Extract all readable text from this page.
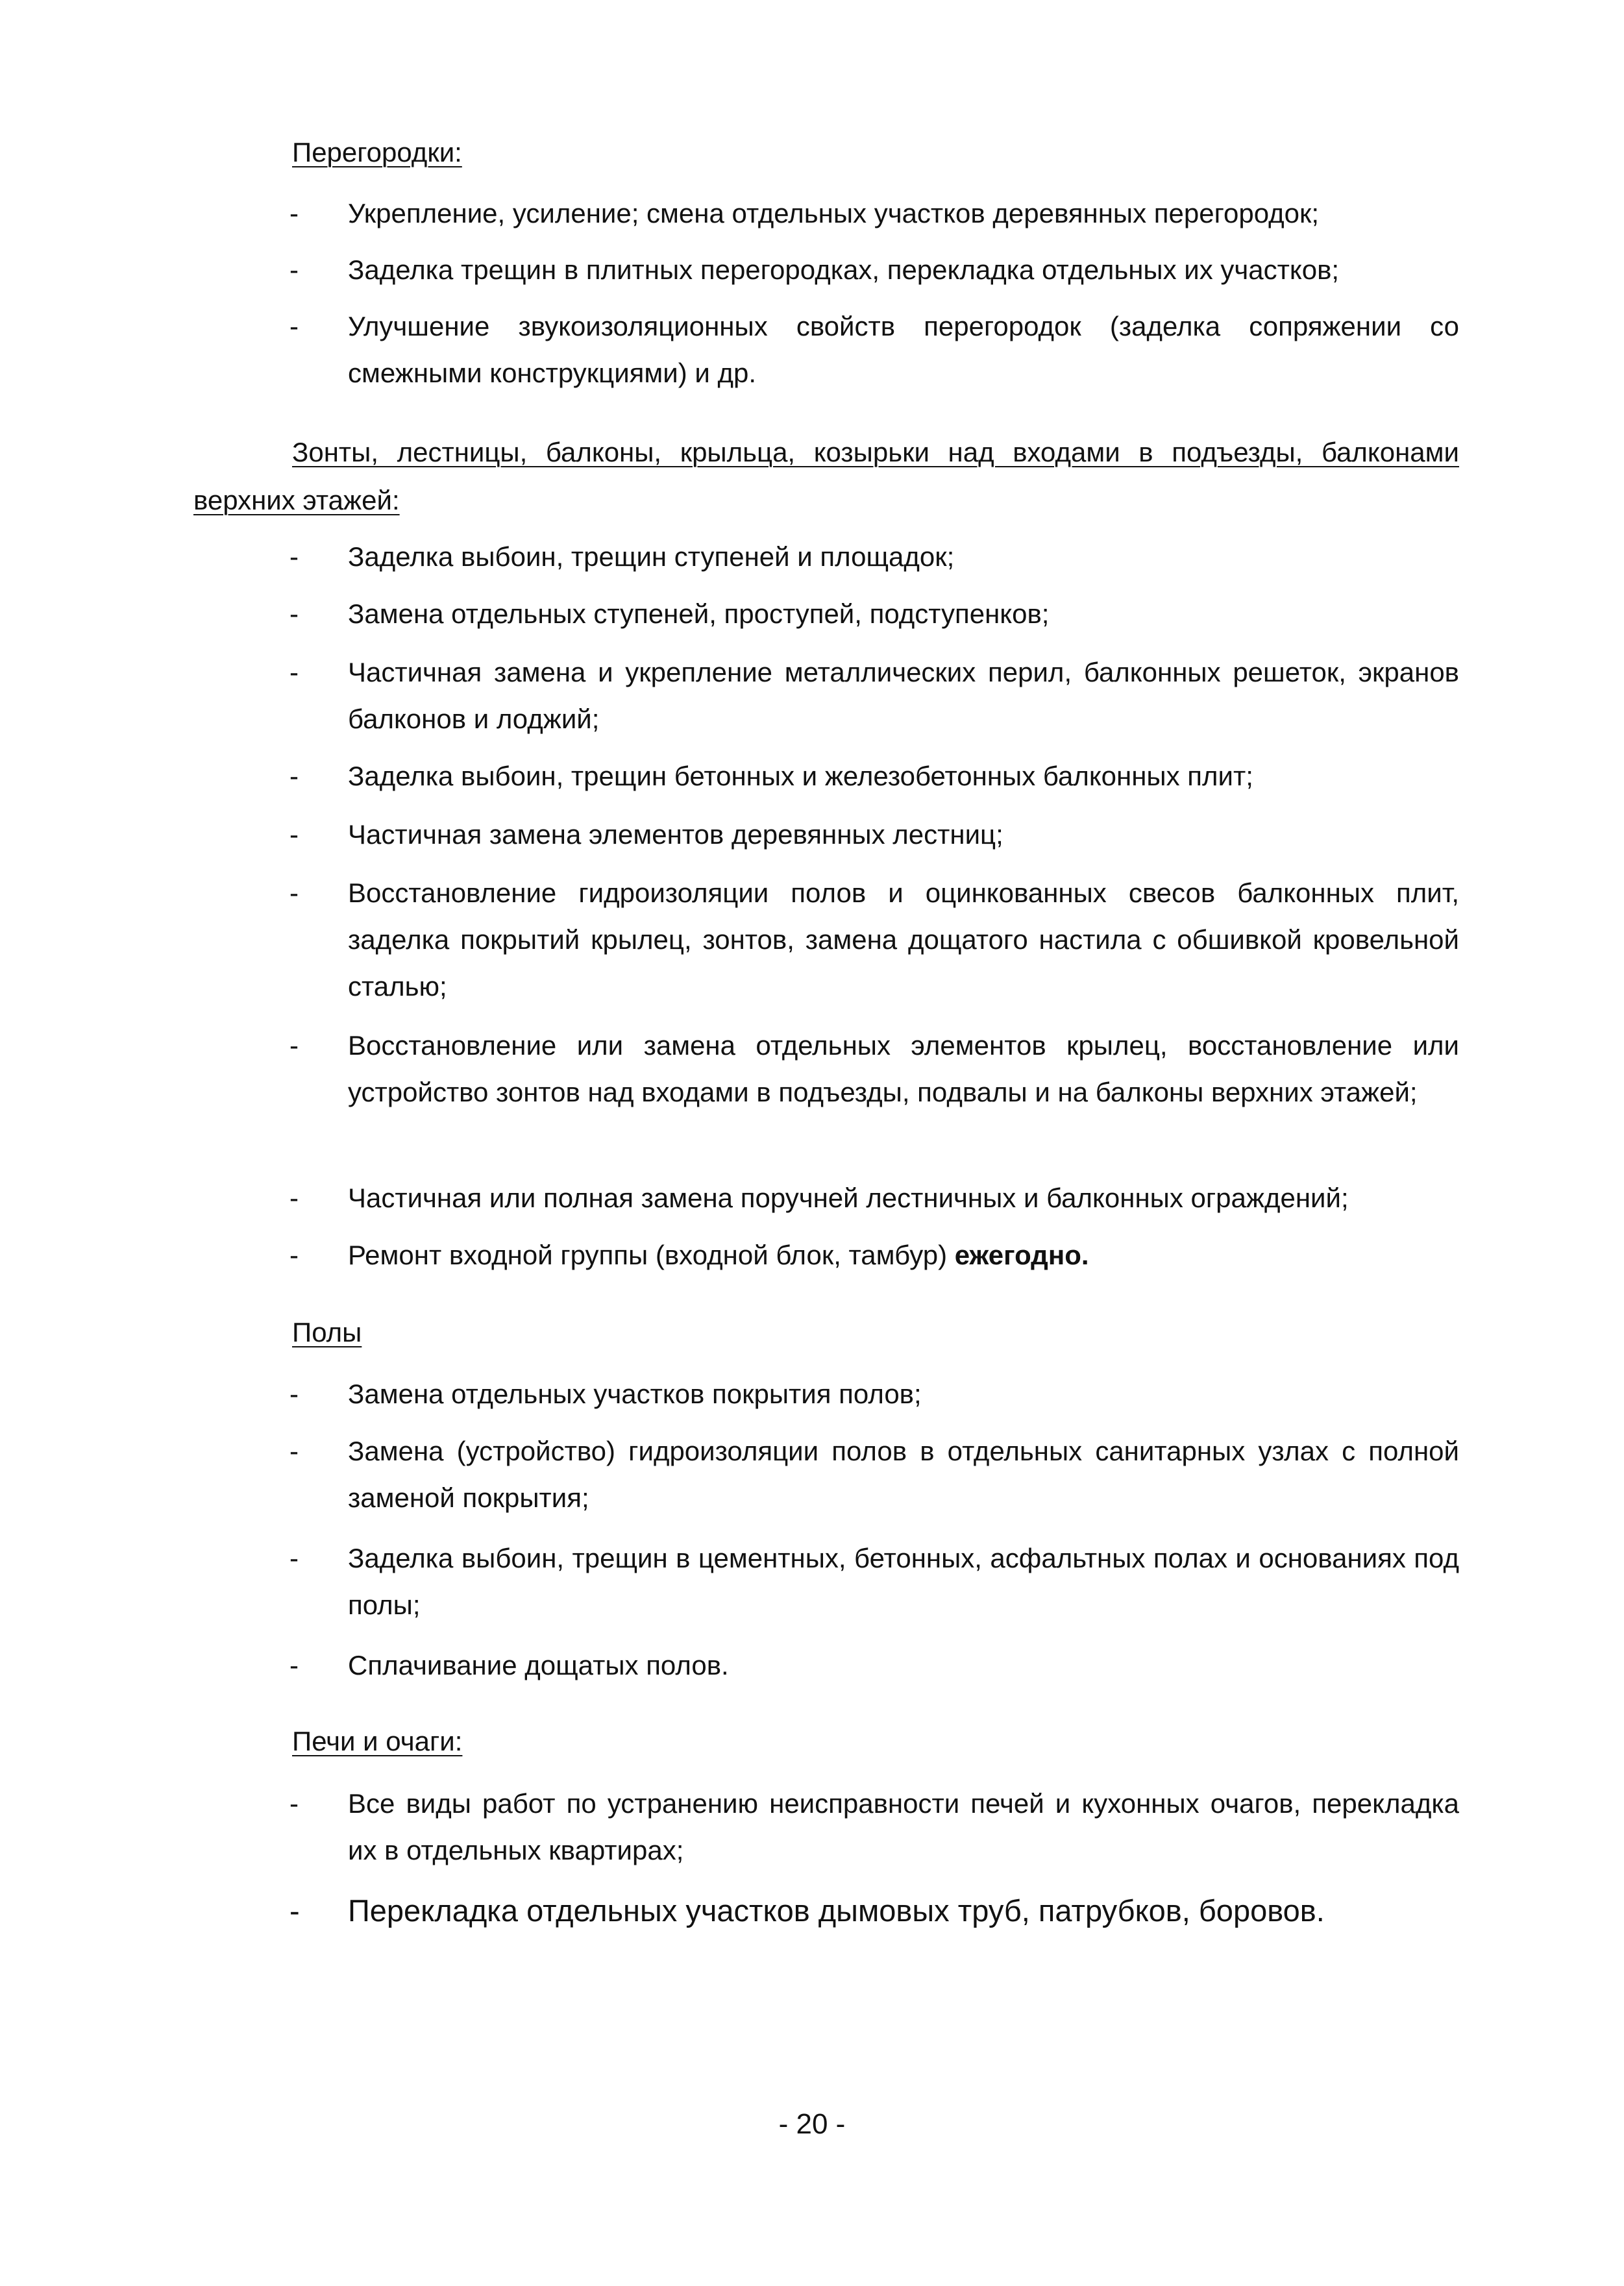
Перегородки:
- Укрепление, усиление; смена отдельных участков деревянных перегородок;
- Заделка трещин в плитных перегородках, перекладка отдельных их участков;
- Улучшение звукоизоляционных свойств перегородок (заделка сопряжении со смежными конструкциями) и др.
Зонты, лестницы, балконы, крыльца, козырьки над входами в подъезды, балконами верхних этажей:
- Заделка выбоин, трещин ступеней и площадок;
- Замена отдельных ступеней, проступей, подступенков;
- Частичная замена и укрепление металлических перил, балконных решеток, экранов балконов и лоджий;
- Заделка выбоин, трещин бетонных и железобетонных балконных плит;
- Частичная замена элементов деревянных лестниц;
- Восстановление гидроизоляции полов и оцинкованных свесов балконных плит, заделка покрытий крылец, зонтов, замена дощатого настила с обшивкой кровельной сталью;
- Восстановление или замена отдельных элементов крылец, восстановление или устройство зонтов над входами в подъезды, подвалы и на балконы верхних этажей;
- Частичная или полная замена поручней лестничных и балконных ограждений;
- Ремонт входной группы (входной блок, тамбур) ежегодно.
Полы
- Замена отдельных участков покрытия полов;
- Замена (устройство) гидроизоляции полов в отдельных санитарных узлах с полной заменой покрытия;
- Заделка выбоин, трещин в цементных, бетонных, асфальтных полах и основаниях под полы;
- Сплачивание дощатых полов.
Печи и очаги:
- Все виды работ по устранению неисправности печей и кухонных очагов, перекладка их в отдельных квартирах;
- Перекладка отдельных участков дымовых труб, патрубков, боровов.
- 20 -
